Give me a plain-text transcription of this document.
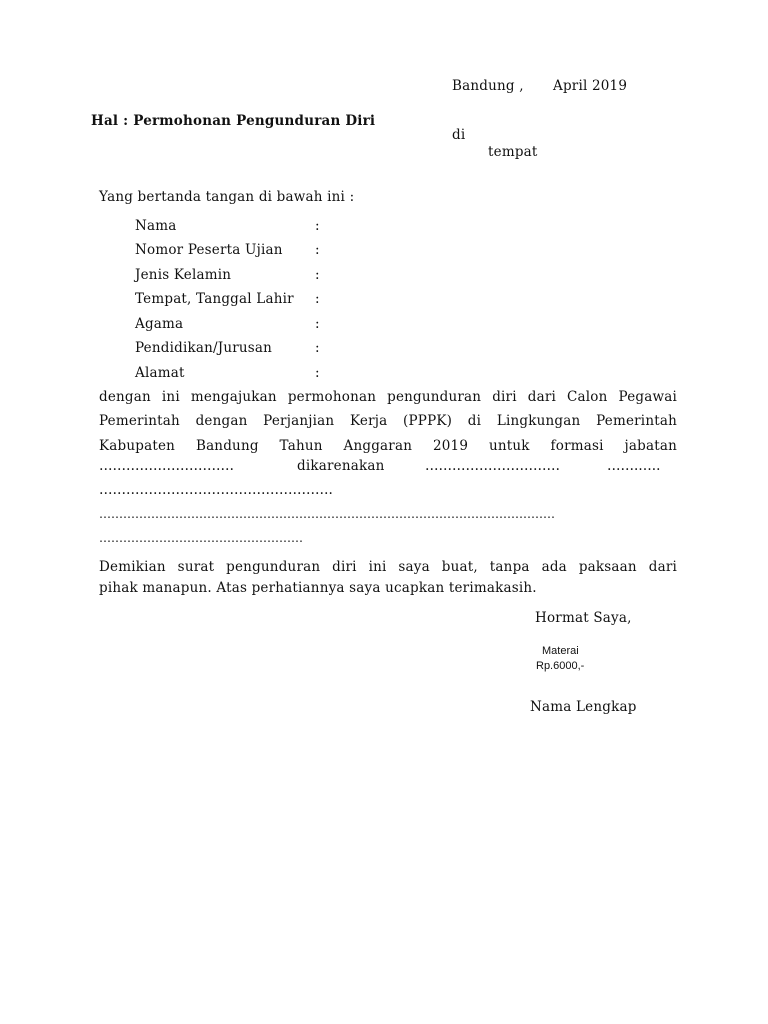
Bandung , April 2019
Hal : Permohonan Pengunduran Diri
di
tempat
Yang bertanda tangan di bawah ini :
Nama	:
Nomor Peserta Ujian :
Jenis Kelamin	:
Tempat, Tanggal Lahir :
Agama	:
Pendidikan/Jurusan	:
Alamat	:
dengan ini mengajukan permohonan pengunduran diri dari Calon Pegawai
Pemerintah dengan Perjanjian Kerja (PPPK) di Lingkungan Pemerintah
Kabupaten Bandung Tahun Anggaran 2019 untuk formasi jabatan
…………………………	dikarenakan	…………………………	…….…..
…………………………………………….
……………………………………………………………………………………………………
……………………………………………
Demikian surat pengunduran diri ini saya buat, tanpa ada paksaan dari
pihak manapun. Atas perhatiannya saya ucapkan terimakasih.
Hormat Saya,
Materai
Rp.6000,-
Nama Lengkap
